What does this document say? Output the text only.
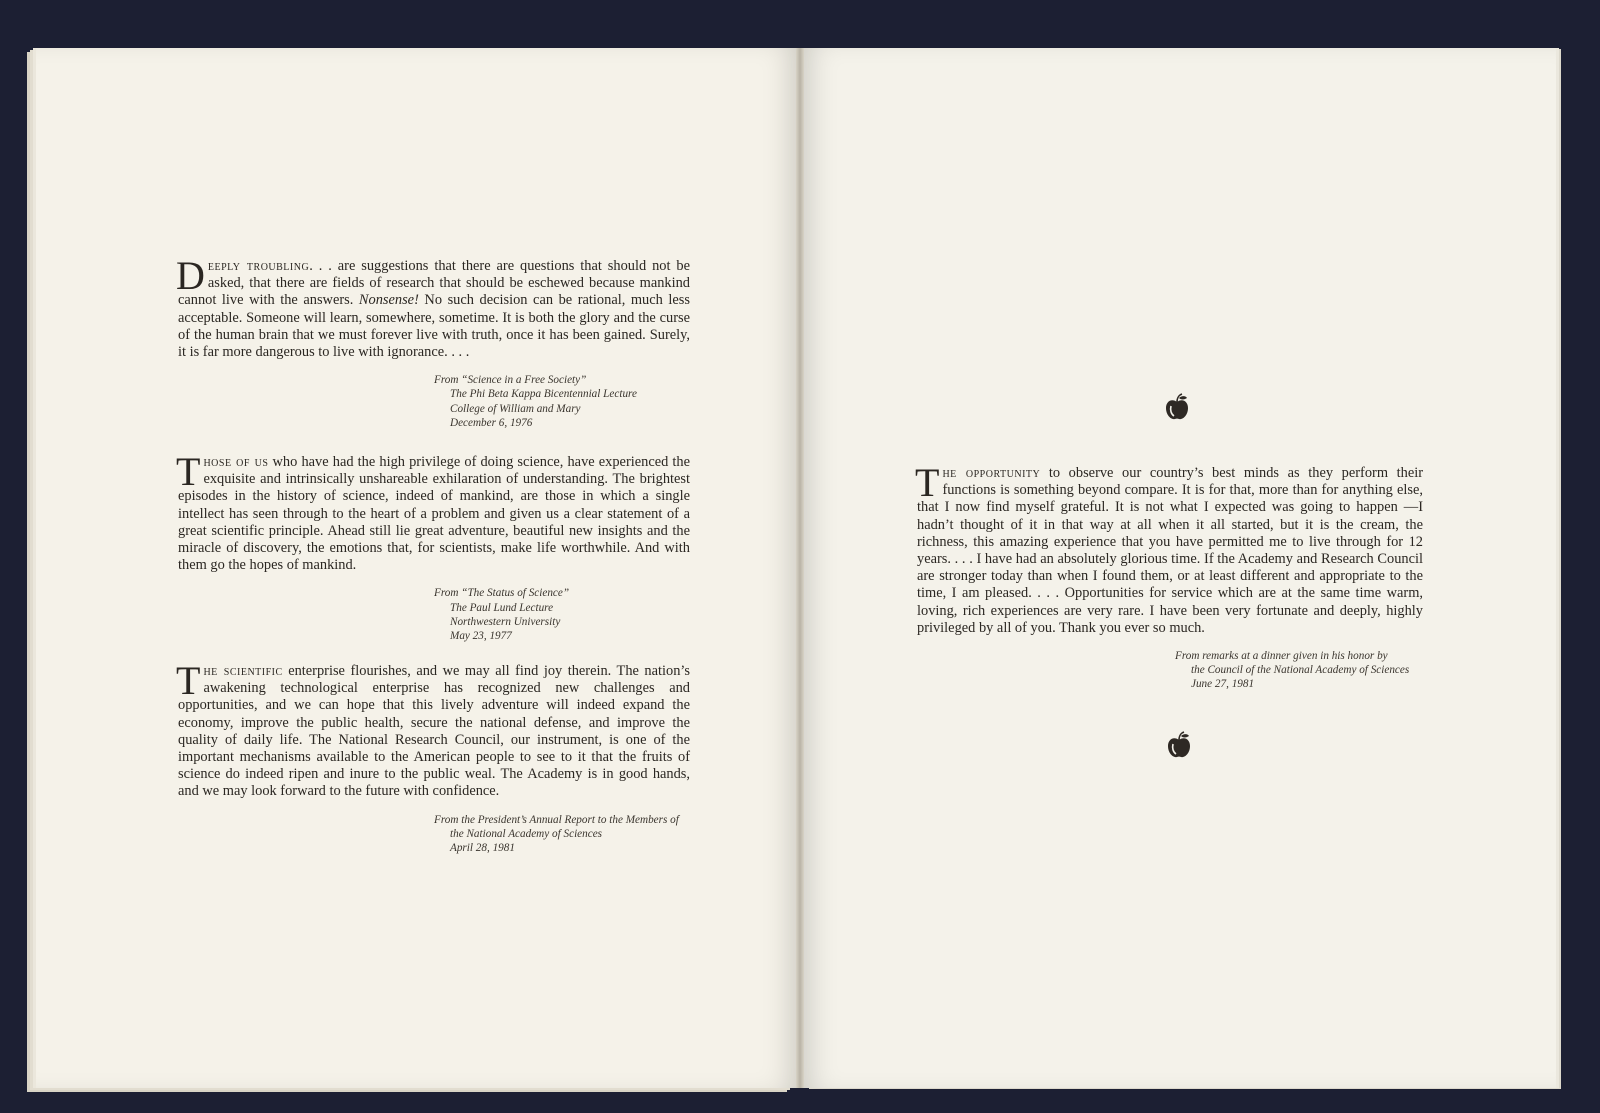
Deeply troubling. . . are suggestions that there are questions that should not be asked, that there are fields of research that should be eschewed because mankind cannot live with the answers. Nonsense! No such decision can be rational, much less acceptable. Someone will learn, somewhere, sometime. It is both the glory and the curse of the human brain that we must forever live with truth, once it has been gained. Surely, it is far more dangerous to live with ignorance. . . .

From “Science in a Free Society”
The Phi Beta Kappa Bicentennial Lecture
College of William and Mary
December 6, 1976

Those of us who have had the high privilege of doing science, have experienced the exquisite and intrinsically unshareable exhilaration of understanding. The brightest episodes in the history of science, indeed of mankind, are those in which a single intellect has seen through to the heart of a problem and given us a clear statement of a great scientific principle. Ahead still lie great adventure, beautiful new insights and the miracle of discovery, the emotions that, for scientists, make life worthwhile. And with them go the hopes of mankind.

From “The Status of Science”
The Paul Lund Lecture
Northwestern University
May 23, 1977

The scientific enterprise flourishes, and we may all find joy therein. The nation’s awakening technological enterprise has recognized new challenges and opportunities, and we can hope that this lively adventure will indeed expand the economy, improve the public health, secure the national defense, and improve the quality of daily life. The National Research Council, our instrument, is one of the important mechanisms available to the American people to see to it that the fruits of science do indeed ripen and inure to the public weal. The Academy is in good hands, and we may look forward to the future with confidence.

From the President’s Annual Report to the Members of
the National Academy of Sciences
April 28, 1981

The opportunity to observe our country’s best minds as they perform their functions is something beyond compare. It is for that, more than for anything else, that I now find myself grateful. It is not what I expected was going to happen —I hadn’t thought of it in that way at all when it all started, but it is the cream, the richness, this amazing experience that you have permitted me to live through for 12 years. . . . I have had an absolutely glorious time. If the Academy and Research Council are stronger today than when I found them, or at least different and appropriate to the time, I am pleased. . . . Opportunities for service which are at the same time warm, loving, rich experiences are very rare. I have been very fortunate and deeply, highly privileged by all of you. Thank you ever so much.

From remarks at a dinner given in his honor by
the Council of the National Academy of Sciences
June 27, 1981
